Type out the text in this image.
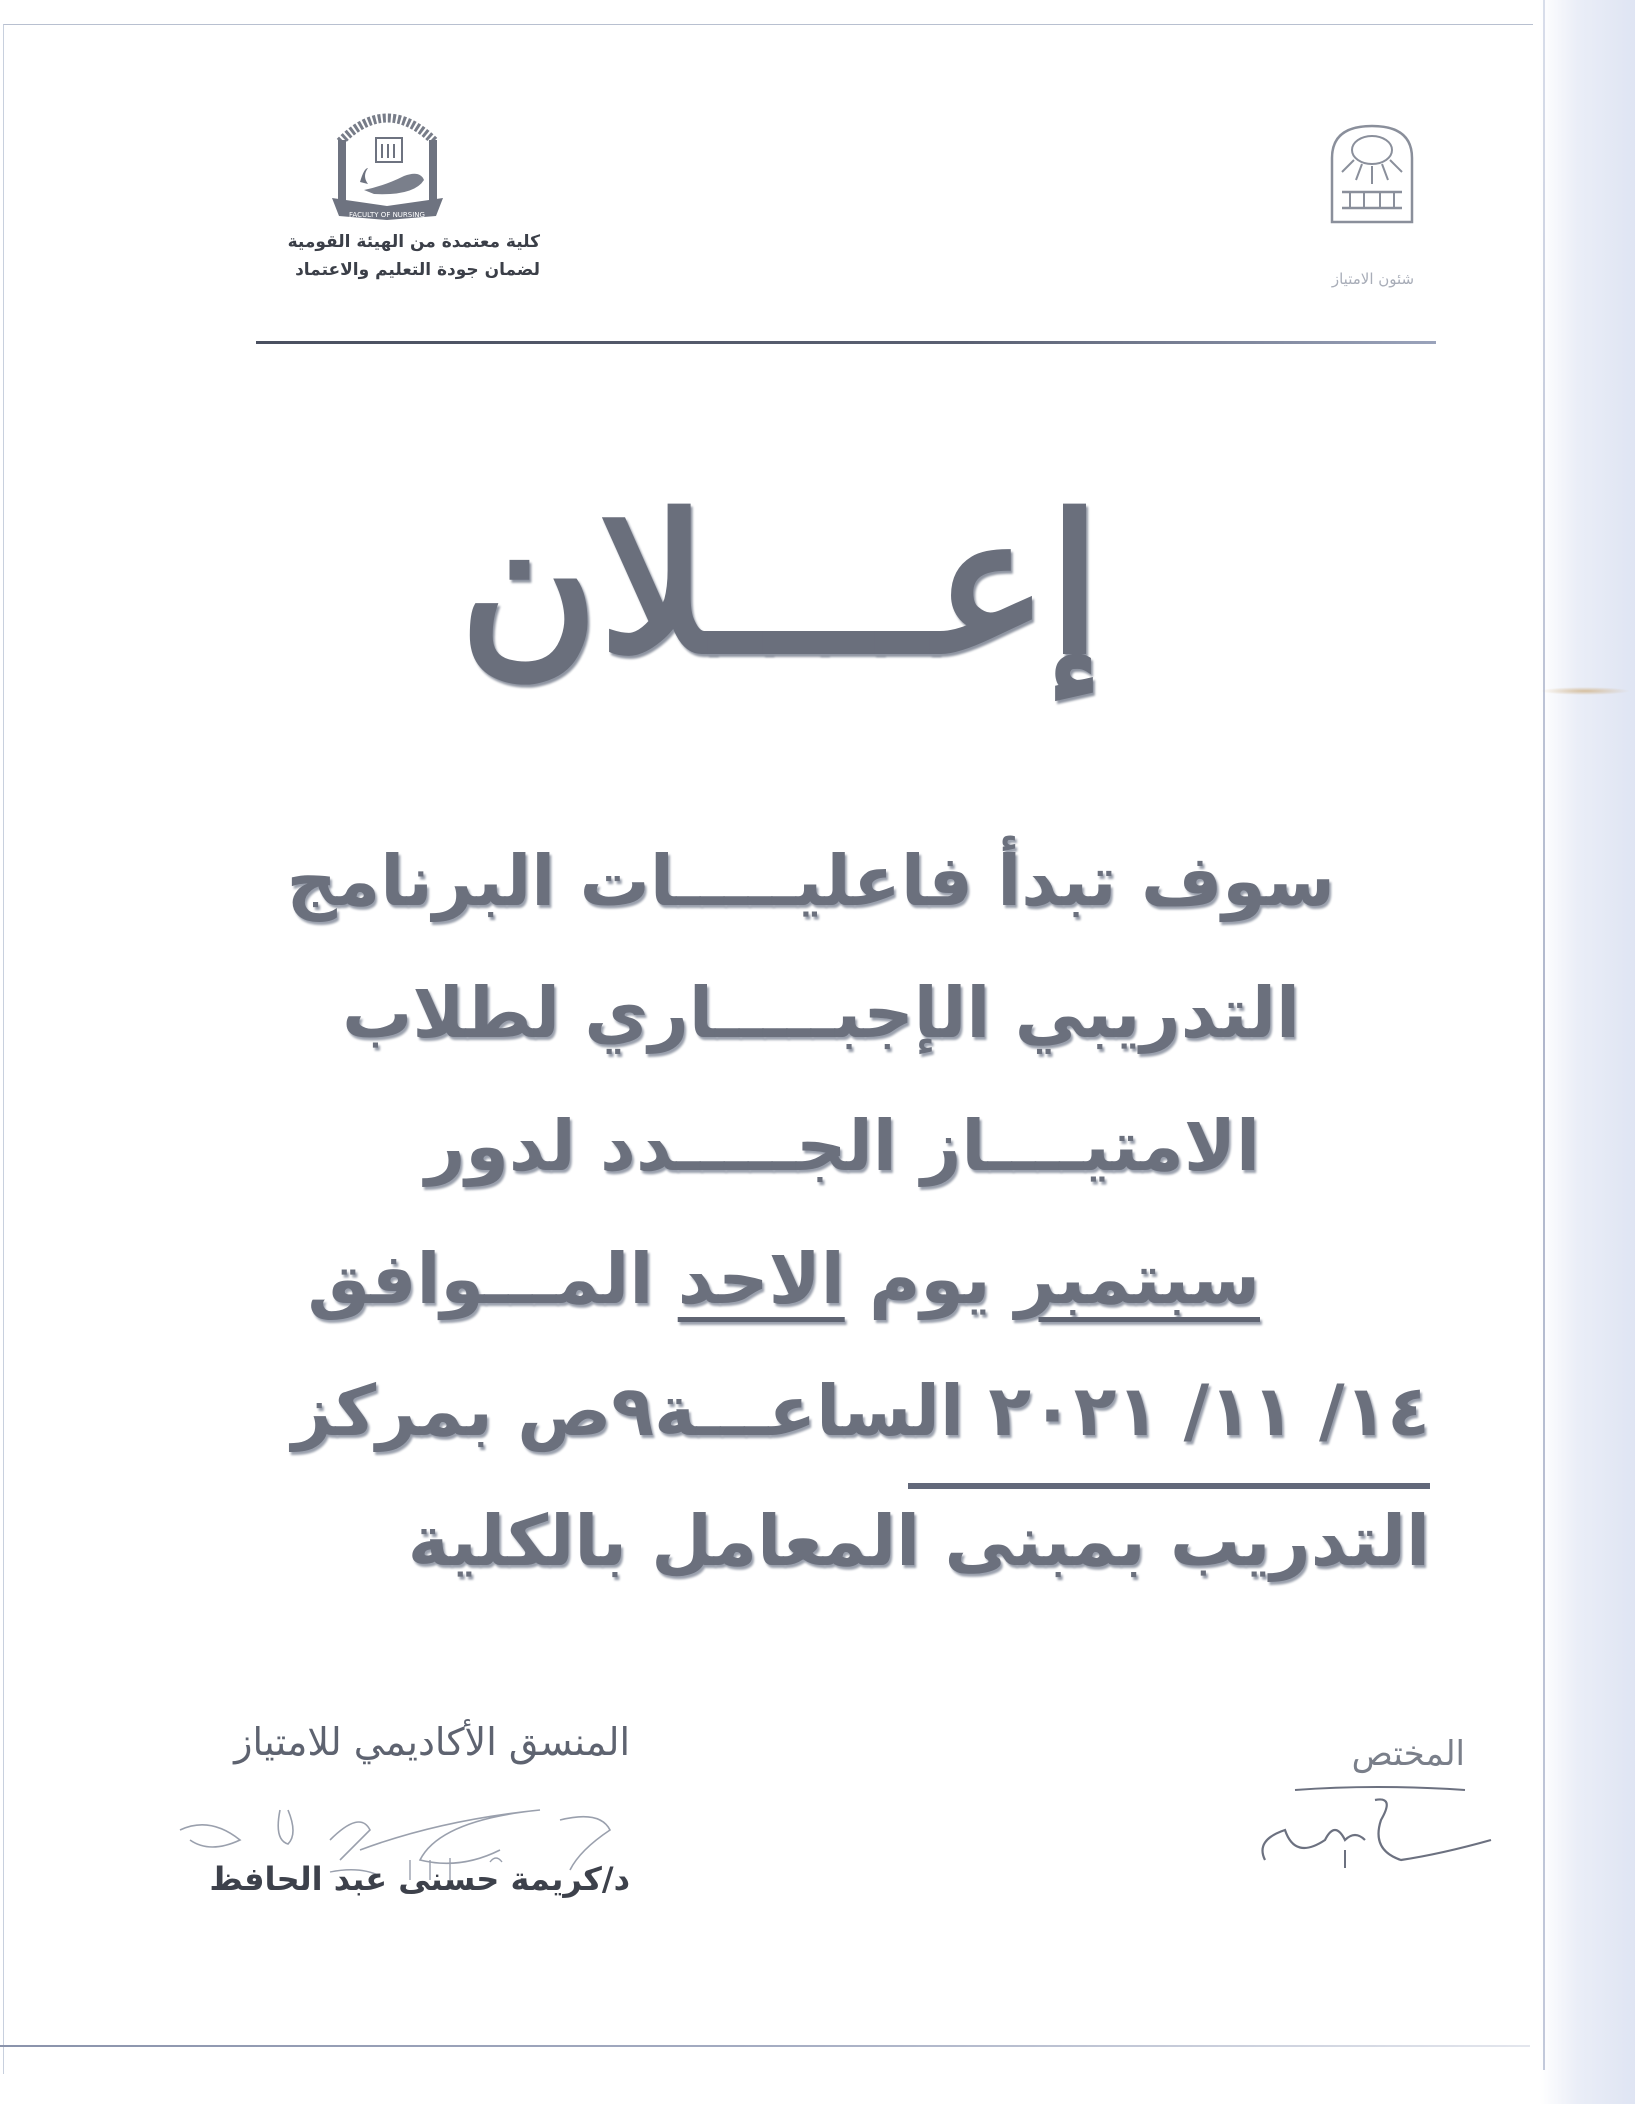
FACULTY OF NURSING
كلية معتمدة من الهيئة القومية
لضمان جودة التعليم والاعتماد	شئون الامتياز
إعــــلان
سوف تبدأ فاعليـــــات البرنامج
التدريبي الإجبـــــاري لطلاب
الامتيــــاز الجـــــدد لدور
سبتمبر يوم الاحد المـــوافق
١٤/ ١١/ ٢٠٢١ الساعـــة٩ص بمركز
التدريب بمبنى المعامل بالكلية
المنسق الأكاديمي للامتياز
د/كريمة حسنى عبد الحافظ
المختص
